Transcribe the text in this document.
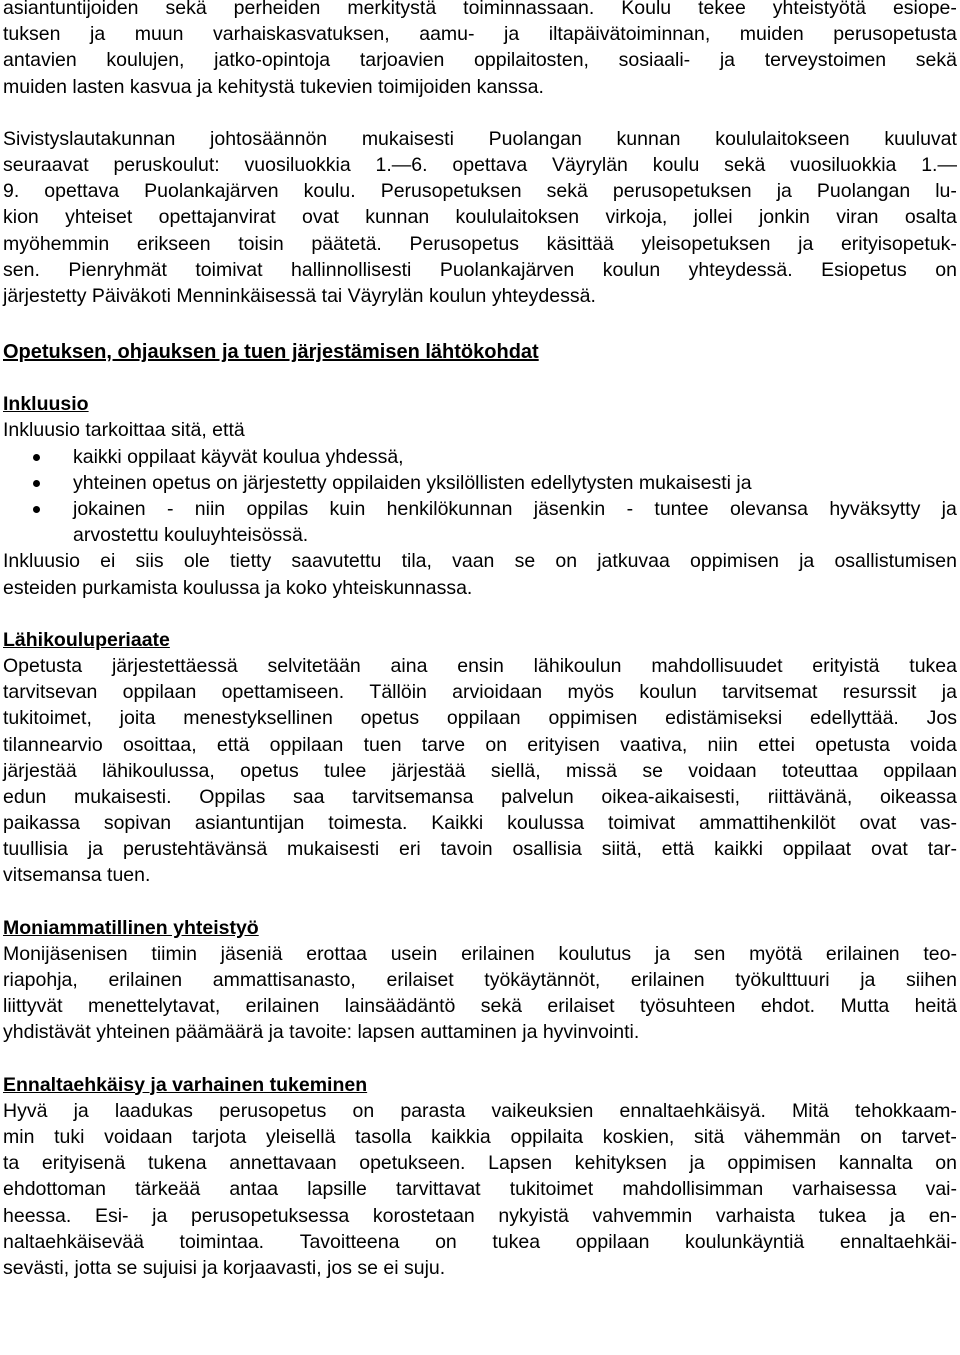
asiantuntijoiden sekä perheiden merkitystä toiminnassaan. Koulu tekee yhteistyötä esiope-
tuksen ja muun varhaiskasvatuksen, aamu- ja iltapäivätoiminnan, muiden perusopetusta
antavien koulujen, jatko-opintoja tarjoavien oppilaitosten, sosiaali- ja terveystoimen sekä
muiden lasten kasvua ja kehitystä tukevien toimijoiden kanssa.
Sivistyslautakunnan johtosäännön mukaisesti Puolangan kunnan koululaitokseen kuuluvat
seuraavat peruskoulut: vuosiluokkia 1.—6. opettava Väyrylän koulu sekä vuosiluokkia 1.—
9. opettava Puolankajärven koulu. Perusopetuksen sekä perusopetuksen ja Puolangan lu-
kion yhteiset opettajanvirat ovat kunnan koululaitoksen virkoja, jollei jonkin viran osalta
myöhemmin erikseen toisin päätetä. Perusopetus käsittää yleisopetuksen ja erityisopetuk-
sen. Pienryhmät toimivat hallinnollisesti Puolankajärven koulun yhteydessä. Esiopetus on
järjestetty Päiväkoti Menninkäisessä tai Väyrylän koulun yhteydessä.
Opetuksen, ohjauksen ja tuen järjestämisen lähtökohdat
Inkluusio
Inkluusio tarkoittaa sitä, että
kaikki oppilaat käyvät koulua yhdessä,
yhteinen opetus on järjestetty oppilaiden yksilöllisten edellytysten mukaisesti ja
jokainen - niin oppilas kuin henkilökunnan jäsenkin - tuntee olevansa hyväksytty ja
arvostettu kouluyhteisössä.
Inkluusio ei siis ole tietty saavutettu tila, vaan se on jatkuvaa oppimisen ja osallistumisen
esteiden purkamista koulussa ja koko yhteiskunnassa.
Lähikouluperiaate
Opetusta järjestettäessä selvitetään aina ensin lähikoulun mahdollisuudet erityistä tukea
tarvitsevan oppilaan opettamiseen. Tällöin arvioidaan myös koulun tarvitsemat resurssit ja
tukitoimet, joita menestyksellinen opetus oppilaan oppimisen edistämiseksi edellyttää. Jos
tilannearvio osoittaa, että oppilaan tuen tarve on erityisen vaativa, niin ettei opetusta voida
järjestää lähikoulussa, opetus tulee järjestää siellä, missä se voidaan toteuttaa oppilaan
edun mukaisesti. Oppilas saa tarvitsemansa palvelun oikea-aikaisesti, riittävänä, oikeassa
paikassa sopivan asiantuntijan toimesta. Kaikki koulussa toimivat ammattihenkilöt ovat vas-
tuullisia ja perustehtävänsä mukaisesti eri tavoin osallisia siitä, että kaikki oppilaat ovat tar-
vitsemansa tuen.
Moniammatillinen yhteistyö
Monijäsenisen tiimin jäseniä erottaa usein erilainen koulutus ja sen myötä erilainen teo-
riapohja, erilainen ammattisanasto, erilaiset työkäytännöt, erilainen työkulttuuri ja siihen
liittyvät menettelytavat, erilainen lainsäädäntö sekä erilaiset työsuhteen ehdot. Mutta heitä
yhdistävät yhteinen päämäärä ja tavoite: lapsen auttaminen ja hyvinvointi.
Ennaltaehkäisy ja varhainen tukeminen
Hyvä ja laadukas perusopetus on parasta vaikeuksien ennaltaehkäisyä. Mitä tehokkaam-
min tuki voidaan tarjota yleisellä tasolla kaikkia oppilaita koskien, sitä vähemmän on tarvet-
ta erityisenä tukena annettavaan opetukseen. Lapsen kehityksen ja oppimisen kannalta on
ehdottoman tärkeää antaa lapsille tarvittavat tukitoimet mahdollisimman varhaisessa vai-
heessa. Esi- ja perusopetuksessa korostetaan nykyistä vahvemmin varhaista tukea ja en-
naltaehkäisevää toimintaa. Tavoitteena on tukea oppilaan koulunkäyntiä ennaltaehkäi-
sevästi, jotta se sujuisi ja korjaavasti, jos se ei suju.
